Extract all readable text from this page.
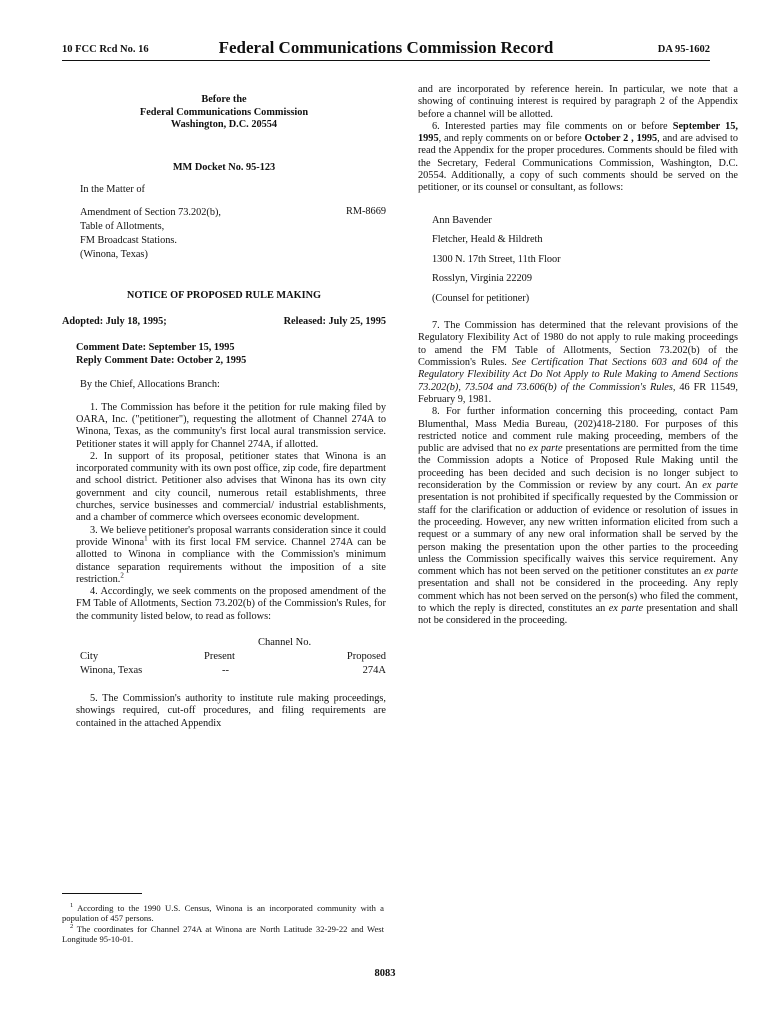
10 FCC Rcd No. 16	Federal Communications Commission Record	DA 95-1602
Before the
Federal Communications Commission
Washington, D.C. 20554
MM Docket No. 95-123
In the Matter of
Amendment of Section 73.202(b),
Table of Allotments,
FM Broadcast Stations.
(Winona, Texas)
RM-8669
NOTICE OF PROPOSED RULE MAKING
Adopted: July 18, 1995;	Released: July 25, 1995
Comment Date: September 15, 1995
Reply Comment Date: October 2, 1995
By the Chief, Allocations Branch:

1. The Commission has before it the petition for rule making filed by OARA, Inc. ("petitioner"), requesting the allotment of Channel 274A to Winona, Texas, as the community's first local aural transmission service. Petitioner states it will apply for Channel 274A, if allotted.

2. In support of its proposal, petitioner states that Winona is an incorporated community with its own post office, zip code, fire department and school district. Petitioner also advises that Winona has its own city government and city council, numerous retail establishments, three churches, service businesses and commercial/ industrial establishments, and a chamber of commerce which oversees economic development.

3. We believe petitioner's proposal warrants consideration since it could provide Winona$^1$ with its first local FM service. Channel 274A can be allotted to Winona in compliance with the Commission's minimum distance separation requirements without the imposition of a site restriction.$^2$

4. Accordingly, we seek comments on the proposed amendment of the FM Table of Allotments, Section 73.202(b) of the Commission's Rules, for the community listed below, to read as follows:

Channel No.
City	Present	Proposed
Winona, Texas	--	274A

5. The Commission's authority to institute rule making proceedings, showings required, cut-off procedures, and filing requirements are contained in the attached Appendix

and are incorporated by reference herein. In particular, we note that a showing of continuing interest is required by paragraph 2 of the Appendix before a channel will be allotted.

6. Interested parties may file comments on or before September 15, 1995, and reply comments on or before October 2 , 1995, and are advised to read the Appendix for the proper procedures. Comments should be filed with the Secretary, Federal Communications Commission, Washington, D.C. 20554. Additionally, a copy of such comments should be served on the petitioner, or its counsel or consultant, as follows:

Ann Bavender
Fletcher, Heald & Hildreth
1300 N. 17th Street, 11th Floor
Rosslyn, Virginia 22209
(Counsel for petitioner)

7. The Commission has determined that the relevant provisions of the Regulatory Flexibility Act of 1980 do not apply to rule making proceedings to amend the FM Table of Allotments, Section 73.202(b) of the Commission's Rules. See Certification That Sections 603 and 604 of the Regulatory Flexibility Act Do Not Apply to Rule Making to Amend Sections 73.202(b), 73.504 and 73.606(b) of the Commission's Rules, 46 FR 11549, February 9, 1981.

8. For further information concerning this proceeding, contact Pam Blumenthal, Mass Media Bureau, (202)418-2180. For purposes of this restricted notice and comment rule making proceeding, members of the public are advised that no ex parte presentations are permitted from the time the Commission adopts a Notice of Proposed Rule Making until the proceeding has been decided and such decision is no longer subject to reconsideration by the Commission or review by any court. An ex parte presentation is not prohibited if specifically requested by the Commission or staff for the clarification or adduction of evidence or resolution of issues in the proceeding. However, any new written information elicited from such a request or a summary of any new oral information shall be served by the person making the presentation upon the other parties to the proceeding unless the Commission specifically waives this service requirement. Any comment which has not been served on the petitioner constitutes an ex parte presentation and shall not be considered in the proceeding. Any reply comment which has not been served on the person(s) who filed the comment, to which the reply is directed, constitutes an ex parte presentation and shall not be considered in the proceeding.

$^1$ According to the 1990 U.S. Census, Winona is an incorporated community with a population of 457 persons.

$^2$ The coordinates for Channel 274A at Winona are North Latitude 32-29-22 and West Longitude 95-10-01.

8083
